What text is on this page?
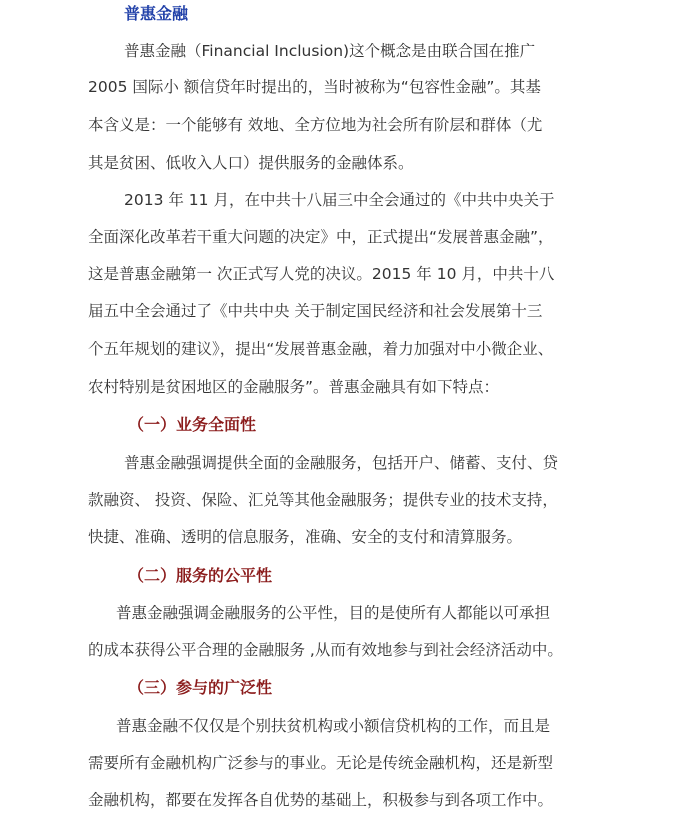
普惠金融
普惠金融（Financial Inclusion)这个概念是由联合国在推广
2005 国际小 额信贷年时提出的，当时被称为“包容性金融”。其基
本含义是：一个能够有 效地、全方位地为社会所有阶层和群体（尤
其是贫困、低收入人口）提供服务的金融体系。
2013 年 11 月，在中共十八届三中全会通过的《中共中央关于
全面深化改革若干重大问题的决定》中，正式提出“发展普惠金融”，
这是普惠金融第一 次正式写人党的决议。2015 年 10 月，中共十八
届五中全会通过了《中共中央 关于制定国民经济和社会发展第十三
个五年规划的建议》，提出“发展普惠金融，着力加强对中小微企业、
农村特别是贫困地区的金融服务”。普惠金融具有如下特点：
（一）业务全面性
普惠金融强调提供全面的金融服务，包括开户、储蓄、支付、贷
款融资、 投资、保险、汇兑等其他金融服务；提供专业的技术支持，
快捷、准确、透明的信息服务，准确、安全的支付和清算服务。
（二）服务的公平性
普惠金融强调金融服务的公平性，目的是使所有人都能以可承担
的成本获得公平合理的金融服务 ,从而有效地参与到社会经济活动中。
（三）参与的广泛性
普惠金融不仅仅是个别扶贫机构或小额信贷机构的工作，而且是
需要所有金融机构广泛参与的事业。无论是传统金融机构，还是新型
金融机构，都要在发挥各自优势的基础上，积极参与到各项工作中。
